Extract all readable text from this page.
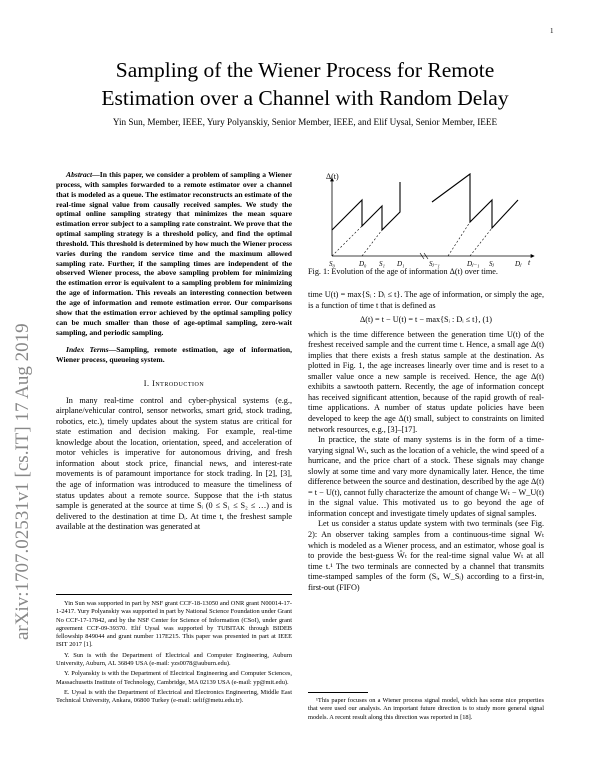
1
arXiv:1707.02531v1 [cs.IT] 17 Aug 2019
Sampling of the Wiener Process for Remote
Estimation over a Channel with Random Delay
Yin Sun, Member, IEEE, Yury Polyanskiy, Senior Member, IEEE, and Elif Uysal, Senior Member, IEEE

Abstract—In this paper, we consider a problem of sampling a Wiener process, with samples forwarded to a remote estimator over a channel that is modeled as a queue. The estimator reconstructs an estimate of the real-time signal value from causally received samples. We study the optimal online sampling strategy that minimizes the mean square estimation error subject to a sampling rate constraint. We prove that the optimal sampling strategy is a threshold policy, and find the optimal threshold. This threshold is determined by how much the Wiener process varies during the random service time and the maximum allowed sampling rate. Further, if the sampling times are independent of the observed Wiener process, the above sampling problem for minimizing the estimation error is equivalent to a sampling problem for minimizing the age of information. This reveals an interesting connection between the age of information and remote estimation error. Our comparisons show that the estimation error achieved by the optimal sampling policy can be much smaller than those of age-optimal sampling, zero-wait sampling, and periodic sampling.

Index Terms—Sampling, remote estimation, age of information, Wiener process, queueing system.

I. Introduction

In many real-time control and cyber-physical systems (e.g., airplane/vehicular control, sensor networks, smart grid, stock trading, robotics, etc.), timely updates about the system status are critical for state estimation and decision making. For example, real-time knowledge about the location, orientation, speed, and acceleration of motor vehicles is imperative for autonomous driving, and fresh information about stock price, financial news, and interest-rate movements is of paramount importance for stock trading. In [2], [3], the age of information was introduced to measure the timeliness of status updates about a remote source. Suppose that the i-th status sample is generated at the source at time Sᵢ (0 ≤ S₁ ≤ S₂ ≤ …) and is delivered to the destination at time Dᵢ. At time t, the freshest sample available at the destination was generated at

Yin Sun was supported in part by NSF grant CCF-18-13050 and ONR grant N00014-17-1-2417. Yury Polyanskiy was supported in part by National Science Foundation under Grant No CCF-17-17842, and by the NSF Center for Science of Information (CSoI), under grant agreement CCF-09-39370. Elif Uysal was supported by TUBITAK through BIDEB fellowship 849044 and grant number 117E215. This paper was presented in part at IEEE ISIT 2017 [1].

Y. Sun is with the Department of Electrical and Computer Engineering, Auburn University, Auburn, AL 36849 USA (e-mail: yzs0078@auburn.edu).

Y. Polyanskiy is with the Department of Electrical Engineering and Computer Sciences, Massachusetts Institute of Technology, Cambridge, MA 02139 USA (e-mail: yp@mit.edu).

E. Uysal is with the Department of Electrical and Electronics Engineering, Middle East Technical University, Ankara, 06800 Turkey (e-mail: uelif@metu.edu.tr).

Δ(t)
t
S₀	D₀ S₁ D₁	Sⱼ₋₁	Dⱼ₋₁ Sⱼ	Dⱼ
Fig. 1: Evolution of the age of information Δ(t) over time.

time U(t) = max{Sᵢ : Dᵢ ≤ t}. The age of information, or simply the age, is a function of time t that is defined as

Δ(t) = t − U(t) = t − max{Sᵢ : Dᵢ ≤ t}, (1)

which is the time difference between the generation time U(t) of the freshest received sample and the current time t. Hence, a small age Δ(t) implies that there exists a fresh status sample at the destination. As plotted in Fig. 1, the age increases linearly over time and is reset to a smaller value once a new sample is received. Hence, the age Δ(t) exhibits a sawtooth pattern. Recently, the age of information concept has received significant attention, because of the rapid growth of real-time applications. A number of status update policies have been developed to keep the age Δ(t) small, subject to constraints on limited network resources, e.g., [3]–[17].

In practice, the state of many systems is in the form of a time-varying signal Wₜ, such as the location of a vehicle, the wind speed of a hurricane, and the price chart of a stock. These signals may change slowly at some time and vary more dynamically later. Hence, the time difference between the source and destination, described by the age Δ(t) = t − U(t), cannot fully characterize the amount of change Wₜ − W_U(t) in the signal value. This motivated us to go beyond the age of information concept and investigate timely updates of signal samples.

Let us consider a status update system with two terminals (see Fig. 2): An observer taking samples from a continuous-time signal Wₜ which is modeled as a Wiener process, and an estimator, whose goal is to provide the best-guess Ŵₜ for the real-time signal value Wₜ at all time t.¹ The two terminals are connected by a channel that transmits time-stamped samples of the form (Sᵢ, W_Sᵢ) according to a first-in, first-out (FIFO)

¹This paper focuses on a Wiener process signal model, which has some nice properties that were used our analysis. An important future direction is to study more general signal models. A recent result along this direction was reported in [18].
